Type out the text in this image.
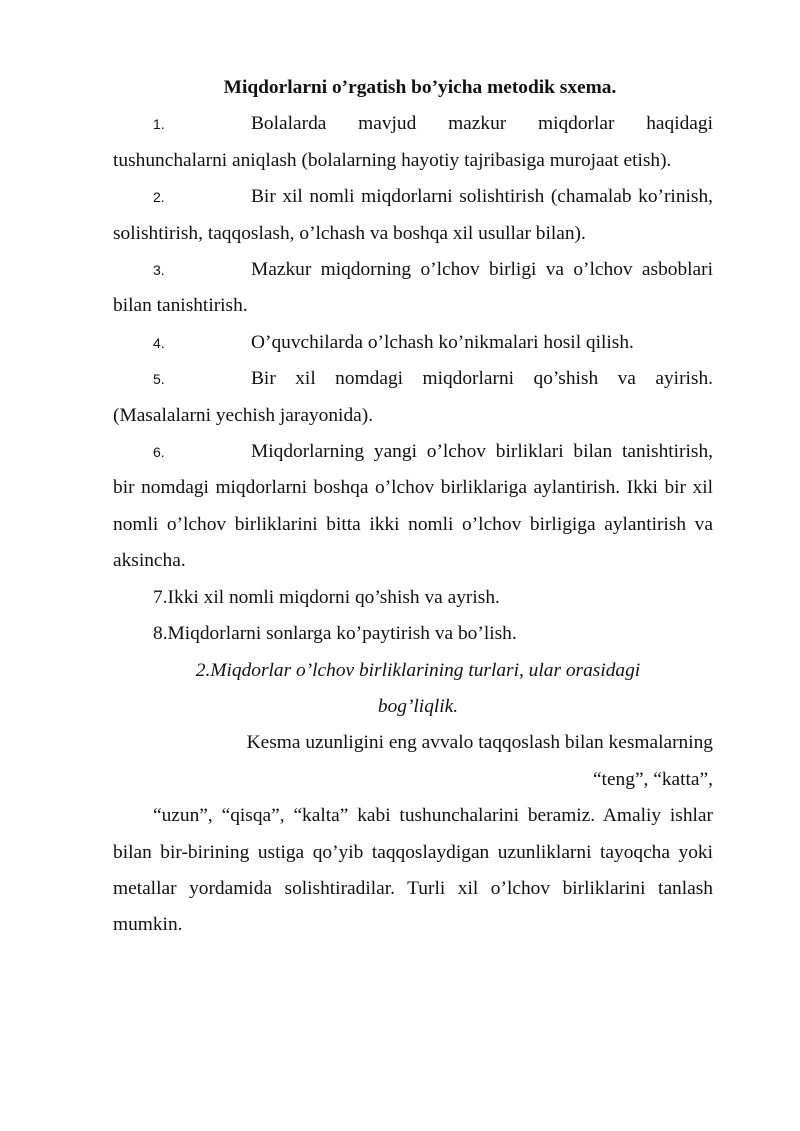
Miqdorlarni o’rgatish bo’yicha metodik sxema.

1.	Bolalarda mavjud mazkur miqdorlar haqidagi tushunchalarni aniqlash (bolalarning hayotiy tajribasiga murojaat etish).

2.	Bir xil nomli miqdorlarni solishtirish (chamalab ko’rinish, solishtirish, taqqoslash, o’lchash va boshqa xil usullar bilan).

3.	Mazkur miqdorning o’lchov birligi va o’lchov asboblari bilan tanishtirish.

4.	O’quvchilarda o’lchash ko’nikmalari hosil qilish.

5.	Bir xil nomdagi miqdorlarni qo’shish va ayirish. (Masalalarni yechish jarayonida).

6.	Miqdorlarning yangi o’lchov birliklari bilan tanishtirish, bir nomdagi miqdorlarni boshqa o’lchov birliklariga aylantirish. Ikki bir xil nomli o’lchov birliklarini bitta ikki nomli o’lchov birligiga aylantirish va aksincha.

7.Ikki xil nomli miqdorni qo’shish va ayrish.

8.Miqdorlarni sonlarga ko’paytirish va bo’lish.

2.Miqdorlar o’lchov birliklarining turlari, ular orasidagi
bog’liqlik.

Kesma uzunligini eng avvalo taqqoslash bilan kesmalarning

“teng”, “katta”,

“uzun”, “qisqa”, “kalta” kabi tushunchalarini beramiz. Amaliy ishlar bilan bir-birining ustiga qo’yib taqqoslaydigan uzunliklarni tayoqcha yoki metallar yordamida solishtiradilar. Turli xil o’lchov birliklarini tanlash mumkin.
